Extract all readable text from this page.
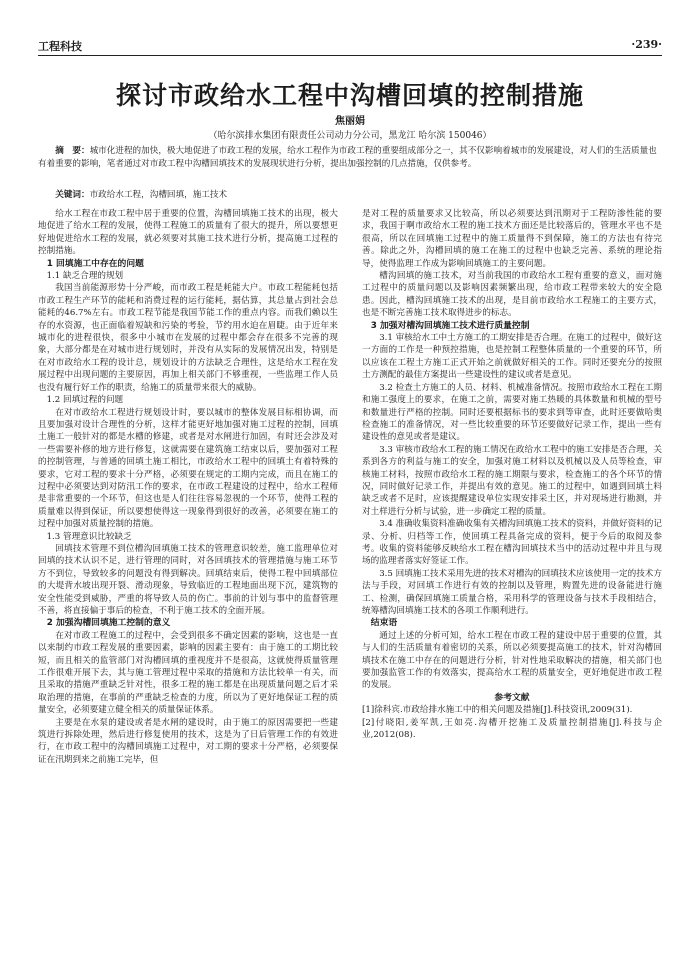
工程科技	·239·
探讨市政给水工程中沟槽回填的控制措施
焦丽娟
（哈尔滨排水集团有限责任公司动力分公司，黑龙江 哈尔滨 150046）
摘　要：城市化进程的加快，极大地促进了市政工程的发展，给水工程作为市政工程的重要组成部分之一，其不仅影响着城市的发展建设，对人们的生活质量也有着重要的影响，笔者通过对市政工程中沟槽回填技术的发展现状进行分析，提出加强控制的几点措施，仅供参考。
关键词：市政给水工程，沟槽回填，施工技术

给水工程在市政工程中居于重要的位置，沟槽回填施工技术的出现，极大地促进了给水工程的发展，使得工程施工的质量有了很大的提升，所以要想更好地促进给水工程的发展，就必须要对其施工技术进行分析，提高施工过程的控制措施。

1 回填施工中存在的问题
1.1 缺乏合理的规划

我国当前能源形势十分严峻，而市政工程是耗能大户。市政工程能耗包括市政工程生产环节的能耗和消费过程的运行能耗，据估算，其总量占到社会总能耗的46.7%左右。市政工程节能是我国节能工作的重点内容。而我们赖以生存的水资源，也正面临着短缺和污染的考验，节约用水迫在眉睫。由于近年来城市化的进程很快，很多中小城市在发展的过程中都会存在很多不完善的现象，大部分都是在对城市进行规划时，并没有从实际的发展情况出发，特别是在对市政给水工程的设计总，规划设计的方法缺乏合理性，这是给水工程在发展过程中出现问题的主要原因，再加上相关部门不够重视，一些监理工作人员也没有履行好工作的职责，给施工的质量带来很大的威胁。

1.2 回填过程的问题

在对市政给水工程进行规划设计时，要以城市的整体发展目标相协调，而且要加强对设计合理性的分析，这样才能更好地加强对施工过程的控制，回填土施工一般针对的都是水槽的修建，或者是对水闸进行加固，有时还会涉及对一些需要补修的地方进行修复，这就需要在建筑施工结束以后，要加强对工程的控制管理，与普通的回填土施工相比，市政给水工程中的回填土有着特殊的要求，它对工程的要求十分严格，必须要在规定的工期内完成，而且在施工的过程中必须要达到对防汛工作的要求，在市政工程建设的过程中，给水工程师是非常重要的一个环节，但这也是人们往往容易忽视的一个环节，使得工程的质量难以得到保证，所以要想使得这一现象得到很好的改善，必须要在施工的过程中加强对质量控制的措施。

1.3 管理意识比较缺乏

回填技术管理不到位槽沟回填施工技术的管理意识较差，施工监理单位对回填的技术认识不足，进行管理的同时，对各回填技术的管理措施与施工环节方不到位，导致较多的问题没有得到解决。回填结束后，使得工程中回填部位的大堤背水坡出现开裂、滑动现象，导致临近的工程地面出现下沉，建筑物的安全性能受到威胁，严重的将导致人员的伤亡。事前的计划与事中的监督管理不善，将直接偏于事后的检查，不利于施工技术的全面开展。

2 加强沟槽回填施工控制的意义

在对市政工程施工的过程中，会受到很多不确定因素的影响，这也是一直以来制约市政工程发展的重要因素，影响的因素主要有：由于施工的工期比较短，而且相关的监管部门对沟槽回填的重视度并不是很高，这就使得质量管理工作很难开展下去，其与施工管理过程中采取的措施和方法比较单一有关，而且采取的措施严重缺乏针对性，很多工程的施工都是在出现质量问题之后才采取治理的措施，在事前的严重缺乏检查的力度，所以为了更好地保证工程的质量安全，必须要建立健全相关的质量保证体系。

主要是在水泵的建设或者是水闸的建设时，由于施工的原因需要把一些建筑进行拆除处理，然后进行修复使用的技术，这是为了日后管理工作的有效进行，在市政工程中的沟槽回填施工过程中，对工期的要求十分严格，必须要保证在汛期到来之前施工完毕，但

是对工程的质量要求又比较高，所以必须要达到汛期对于工程防渗性能的要求，我国于啊市政给水工程的施工技术方面还是比较落后的，管理水平也不是很高，所以在回填施工过程中的施工质量得不到保障，施工的方法也有待完善。除此之外，沟槽回填的施工在施工的过程中也缺乏完善、系统的理论指导，使得监理工作成为影响回填施工的主要问题。

槽沟回填的施工技术，对当前我国的市政给水工程有重要的意义，面对施工过程中的质量问题以及影响因素频繁出现，给市政工程带来较大的安全隐患。因此，槽沟回填施工技术的出现，是目前市政给水工程施工的主要方式，也是不断完善施工技术取得进步的标志。

3 加强对槽沟回填施工技术进行质量控制

3.1 审核给水工中土方施工的工期安排是否合理。在施工的过程中，做好这一方面的工作是一种预控措施，也是控制工程整体质量的一个重要的环节，所以应该在工程土方施工正式开始之前就做好相关的工作。同时还要充分的按照土方测配的最佳方案提出一些建设性的建议或者是意见。

3.2 检查土方施工的人员、材料、机械准备情况。按照市政给水工程在工期和施工强度上的要求，在施工之前，需要对施工热暖的具体数量和机械的型号和数量进行严格的控制。同时还要根据标书的要求到等审查，此时还要做哈奥检查施工的准备情况，对一些比较重要的环节还要做好记录工作，提出一些有建设性的意见或者是建议。

3.3 审核市政给水工程的施工情况在政给水工程中的施工安排是否合理，关系到各方的利益与施工的安全，加强对施工材料以及机械以及人员等检查，审核施工材料，按照市政给水工程的施工期限与要求，检查施工的各个环节的情况，同时做好记录工作，并提出有效的意见。施工的过程中，如遇到回填土料缺乏或者不足时，应该提醒建设单位实现安排采土区，并对现场进行勘测，并对土样进行分析与试验，进一步确定工程的质量。

3.4 准确收集资料准确收集有关槽沟回填施工技术的资料，并做好资料的记录、分析、归档等工作，使回填工程具备完成的资料，便于今后的取阅及参考。收集的资料能够反映给水工程在槽沟回填技术当中的活动过程中并且与现场的监理者落实好签证工作。

3.5 回填施工技术采用先进的技术对槽沟的回填技术应该使用一定的技术方法与手段，对回填工作进行有效的控制以及管理，购置先进的设备能进行施工、检测，确保回填施工质量合格，采用科学的管理设备与技术手段相结合，统筹槽沟回填施工技术的各项工作顺利进行。

结束语

通过上述的分析可知，给水工程在市政工程的建设中居于重要的位置，其与人们的生活质量有着密切的关系，所以必须要提高施工的技术，针对沟槽回填技术在施工中存在的问题进行分析，针对性地采取解决的措施，相关部门也要加强监管工作的有效落实，提高给水工程的质量安全，更好地促进市政工程的发展。

参考文献

[1]徐科宾.市政给排水施工中的相关问题及措施[J].科技资讯,2009(31).

[2]付晓阳,姜军凯,王如亮.沟槽开挖施工及质量控制措施[J].科技与企业,2012(08).
